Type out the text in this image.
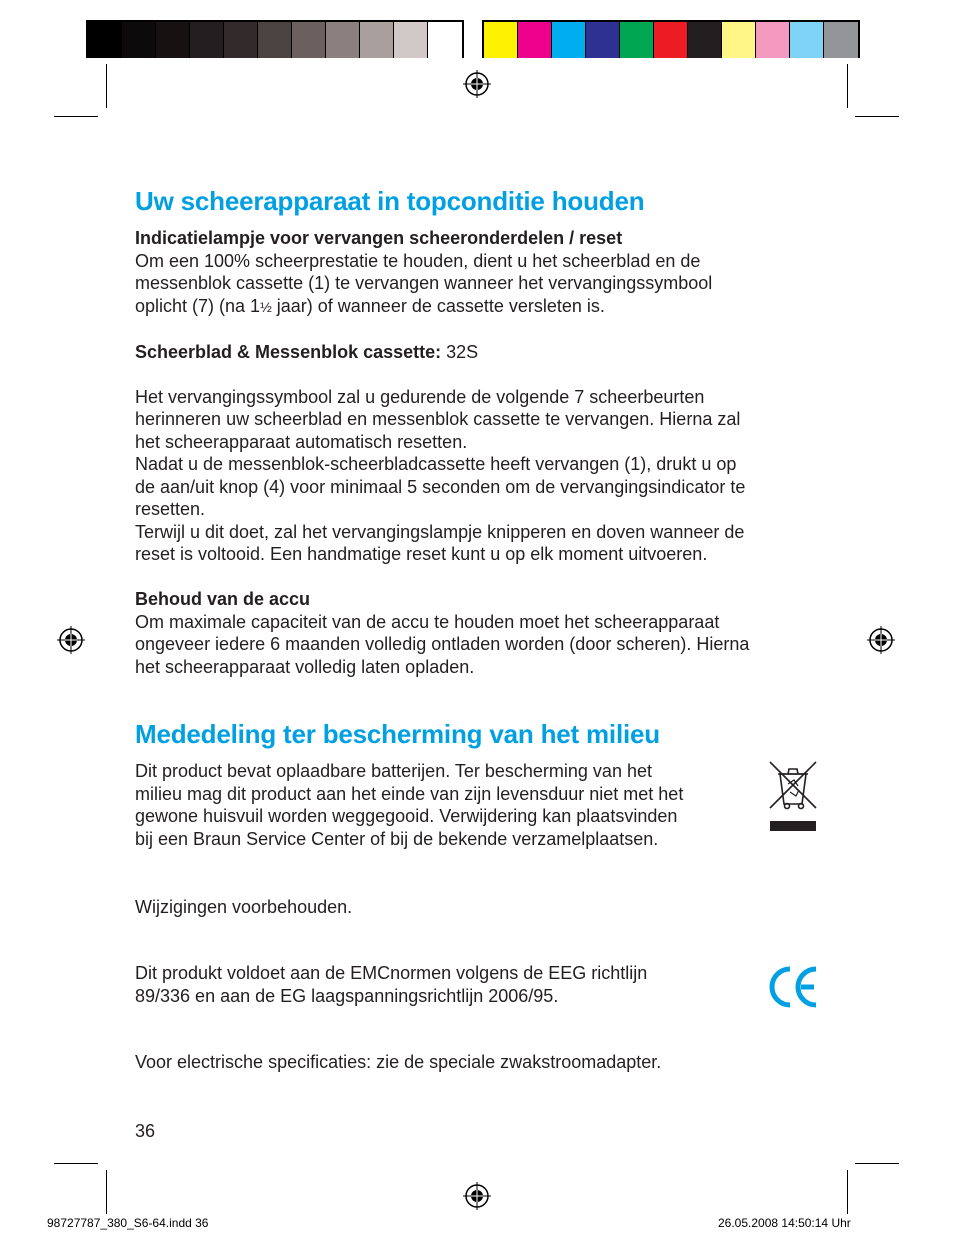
Uw scheerapparaat in topconditie houden

Indicatielampje voor vervangen scheeronderdelen / reset

Om een 100% scheerprestatie te houden, dient u het scheerblad en de

messenblok cassette (1) te vervangen wanneer het vervangingssymbool

oplicht (7) (na 1½ jaar) of wanneer de cassette versleten is.

Scheerblad & Messenblok cassette: 32S

Het vervangingssymbool zal u gedurende de volgende 7 scheerbeurten

herinneren uw scheerblad en messenblok cassette te vervangen. Hierna zal

het scheerapparaat automatisch resetten.

Nadat u de messenblok-scheerbladcassette heeft vervangen (1), drukt u op

de aan/uit knop (4) voor minimaal 5 seconden om de vervangingsindicator te

resetten.

Terwijl u dit doet, zal het vervangingslampje knipperen en doven wanneer de

reset is voltooid. Een handmatige reset kunt u op elk moment uitvoeren.

Behoud van de accu

Om maximale capaciteit van de accu te houden moet het scheerapparaat

ongeveer iedere 6 maanden volledig ontladen worden (door scheren). Hierna

het scheerapparaat volledig laten opladen.

Mededeling ter bescherming van het milieu

Dit product bevat oplaadbare batterijen. Ter bescherming van het

milieu mag dit product aan het einde van zijn levensduur niet met het

gewone huisvuil worden weggegooid. Verwijdering kan plaatsvinden

bij een Braun Service Center of bij de bekende verzamelplaatsen.

Wijzigingen voorbehouden.

Dit produkt voldoet aan de EMCnormen volgens de EEG richtlijn

89/336 en aan de EG laagspanningsrichtlijn 2006/95.

Voor electrische specificaties: zie de speciale zwakstroomadapter.

36

98727787_380_S6-64.indd 36	26.05.2008 14:50:14 Uhr
